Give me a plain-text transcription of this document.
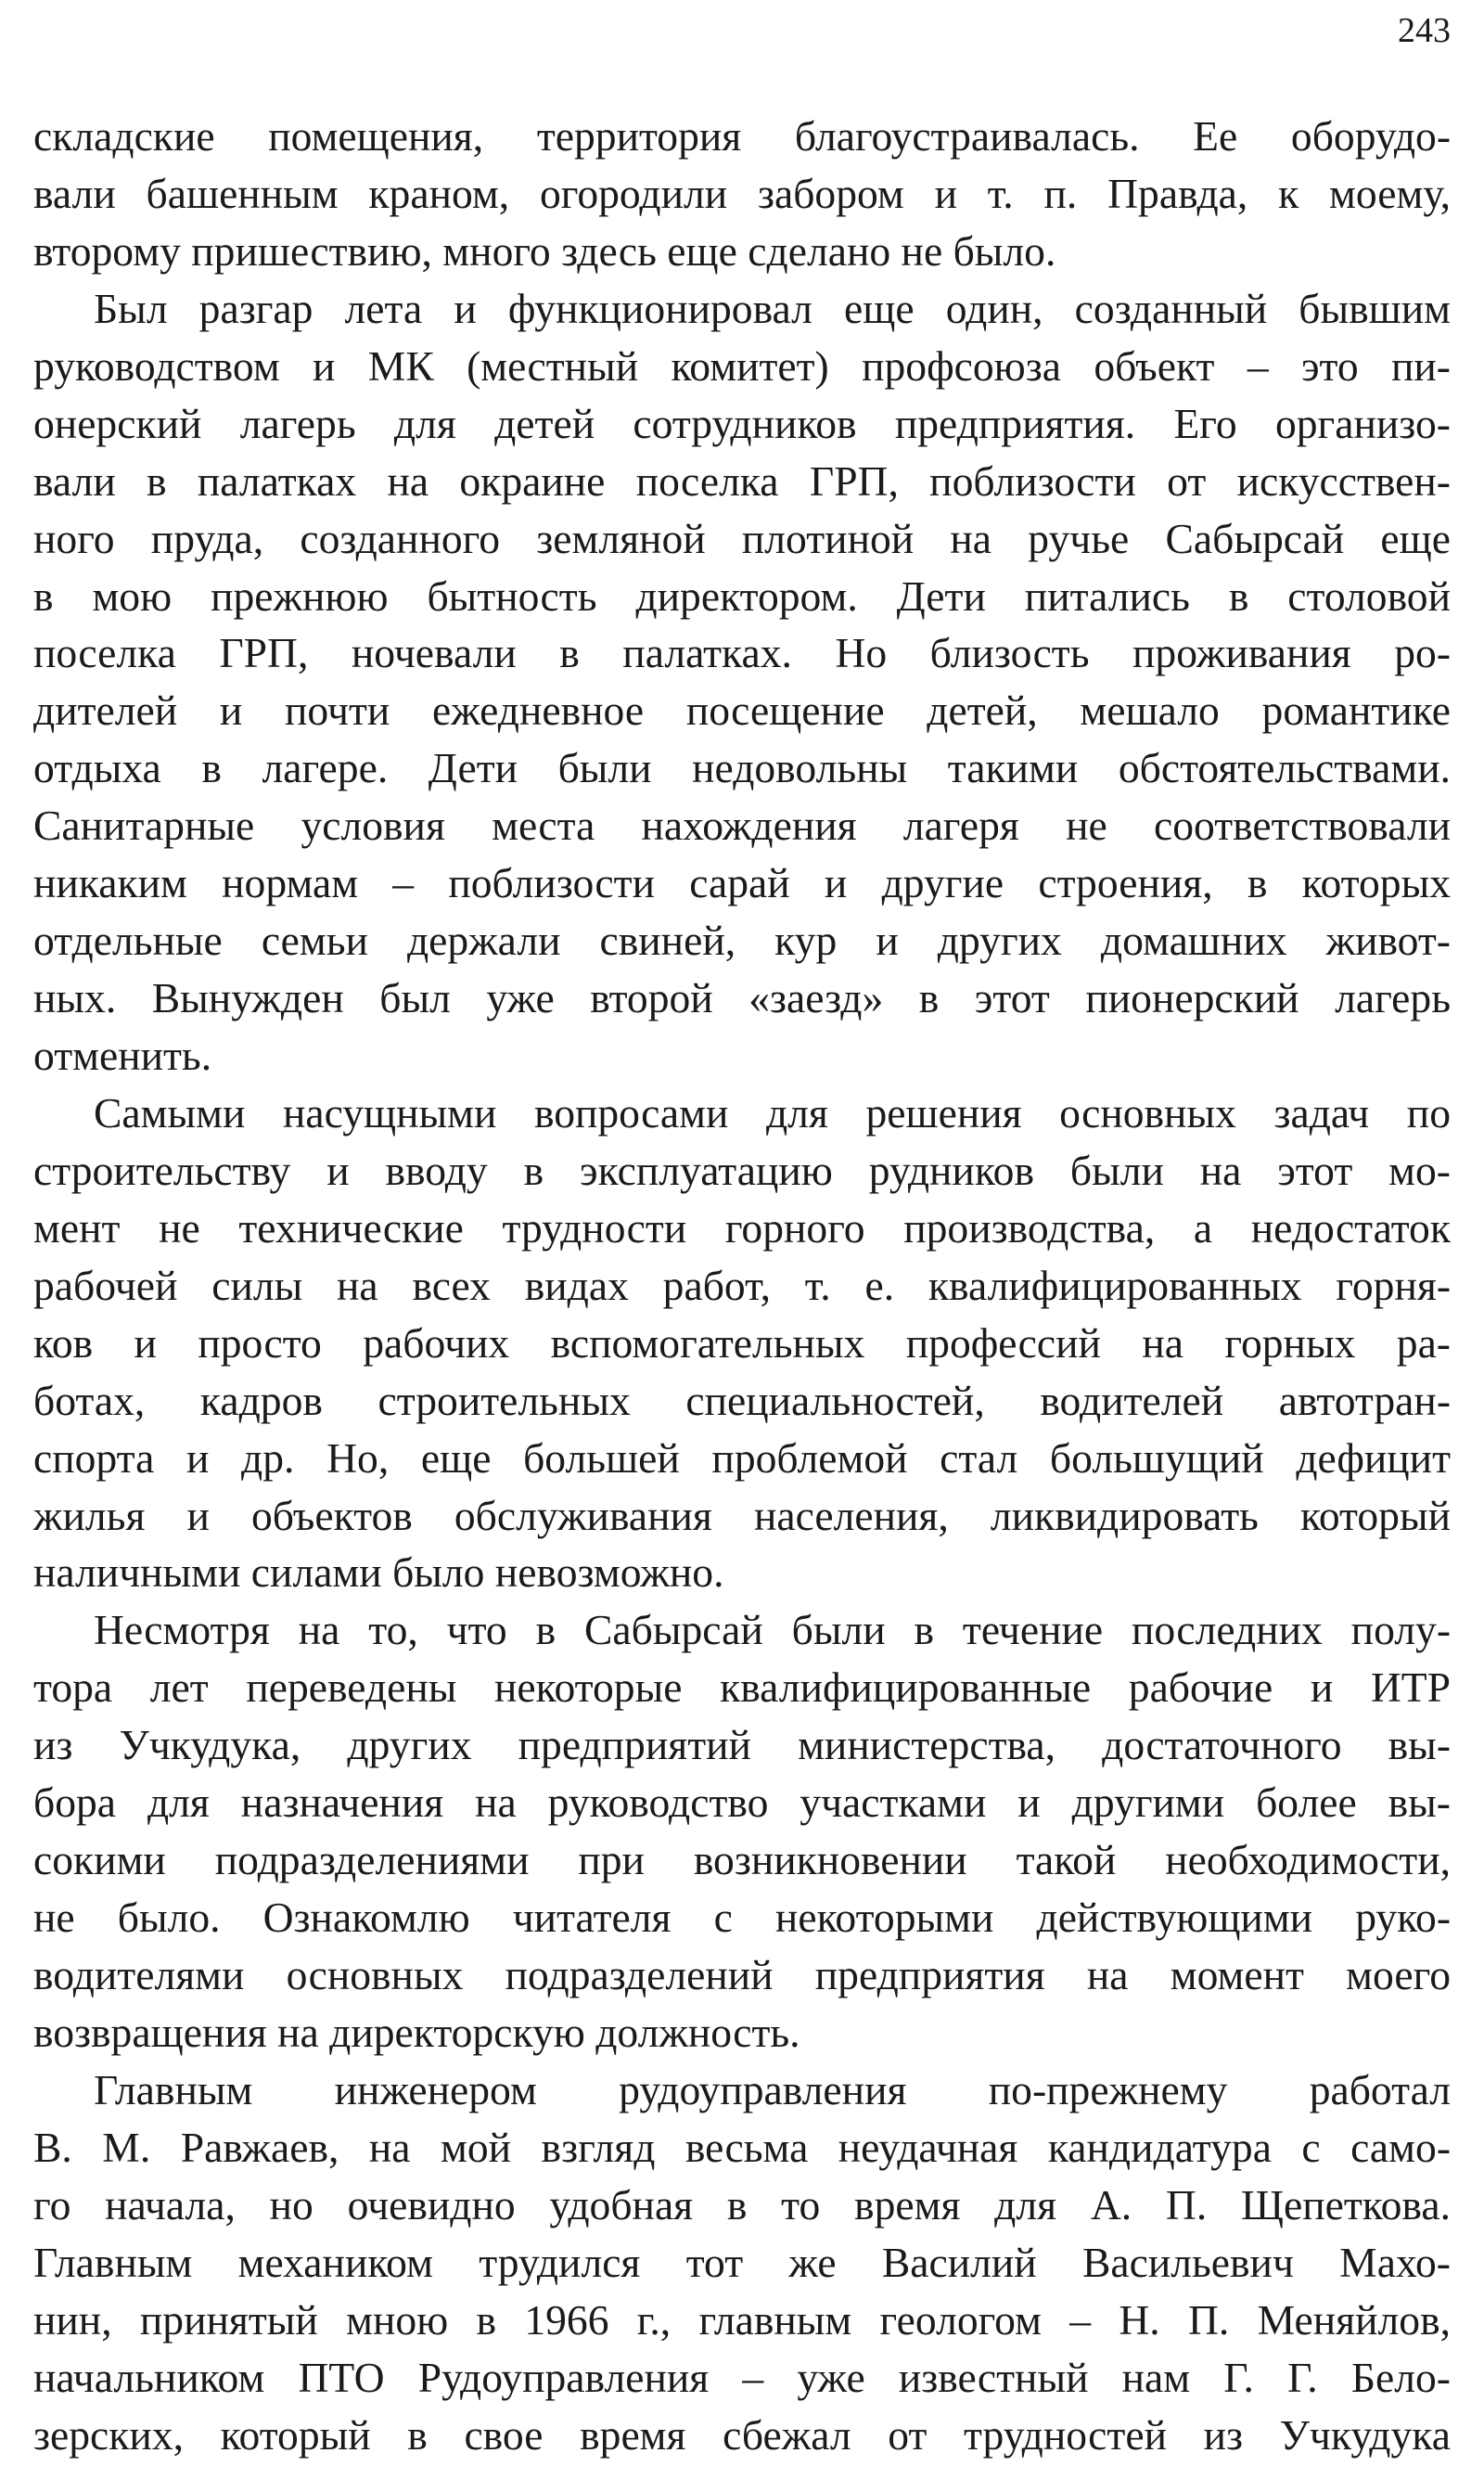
243
складские помещения, территория благоустраивалась. Ее оборудо-
вали башенным краном, огородили забором и т. п. Правда, к моему,
второму пришествию, много здесь еще сделано не было.
Был разгар лета и функционировал еще один, созданный бывшим
руководством и МК (местный комитет) профсоюза объект – это пи-
онерский лагерь для детей сотрудников предприятия. Его организо-
вали в палатках на окраине поселка ГРП, поблизости от искусствен-
ного пруда, созданного земляной плотиной на ручье Сабырсай еще
в мою прежнюю бытность директором. Дети питались в столовой
поселка ГРП, ночевали в палатках. Но близость проживания ро-
дителей и почти ежедневное посещение детей, мешало романтике
отдыха в лагере. Дети были недовольны такими обстоятельствами.
Санитарные условия места нахождения лагеря не соответствовали
никаким нормам – поблизости сарай и другие строения, в которых
отдельные семьи держали свиней, кур и других домашних живот-
ных. Вынужден был уже второй «заезд» в этот пионерский лагерь
отменить.
Самыми насущными вопросами для решения основных задач по
строительству и вводу в эксплуатацию рудников были на этот мо-
мент не технические трудности горного производства, а недостаток
рабочей силы на всех видах работ, т. е. квалифицированных горня-
ков и просто рабочих вспомогательных профессий на горных ра-
ботах, кадров строительных специальностей, водителей автотран-
спорта и др. Но, еще большей проблемой стал большущий дефицит
жилья и объектов обслуживания населения, ликвидировать который
наличными силами было невозможно.
Несмотря на то, что в Сабырсай были в течение последних полу-
тора лет переведены некоторые квалифицированные рабочие и ИТР
из Учкудука, других предприятий министерства, достаточного вы-
бора для назначения на руководство участками и другими более вы-
сокими подразделениями при возникновении такой необходимости,
не было. Ознакомлю читателя с некоторыми действующими руко-
водителями основных подразделений предприятия на момент моего
возвращения на директорскую должность.
Главным инженером рудоуправления по-прежнему работал
В. М. Равжаев, на мой взгляд весьма неудачная кандидатура с само-
го начала, но очевидно удобная в то время для А. П. Щепеткова.
Главным механиком трудился тот же Василий Васильевич Махо-
нин, принятый мною в 1966 г., главным геологом – Н. П. Меняйлов,
начальником ПТО Рудоуправления – уже известный нам Г. Г. Бело-
зерских, который в свое время сбежал от трудностей из Учкудука
